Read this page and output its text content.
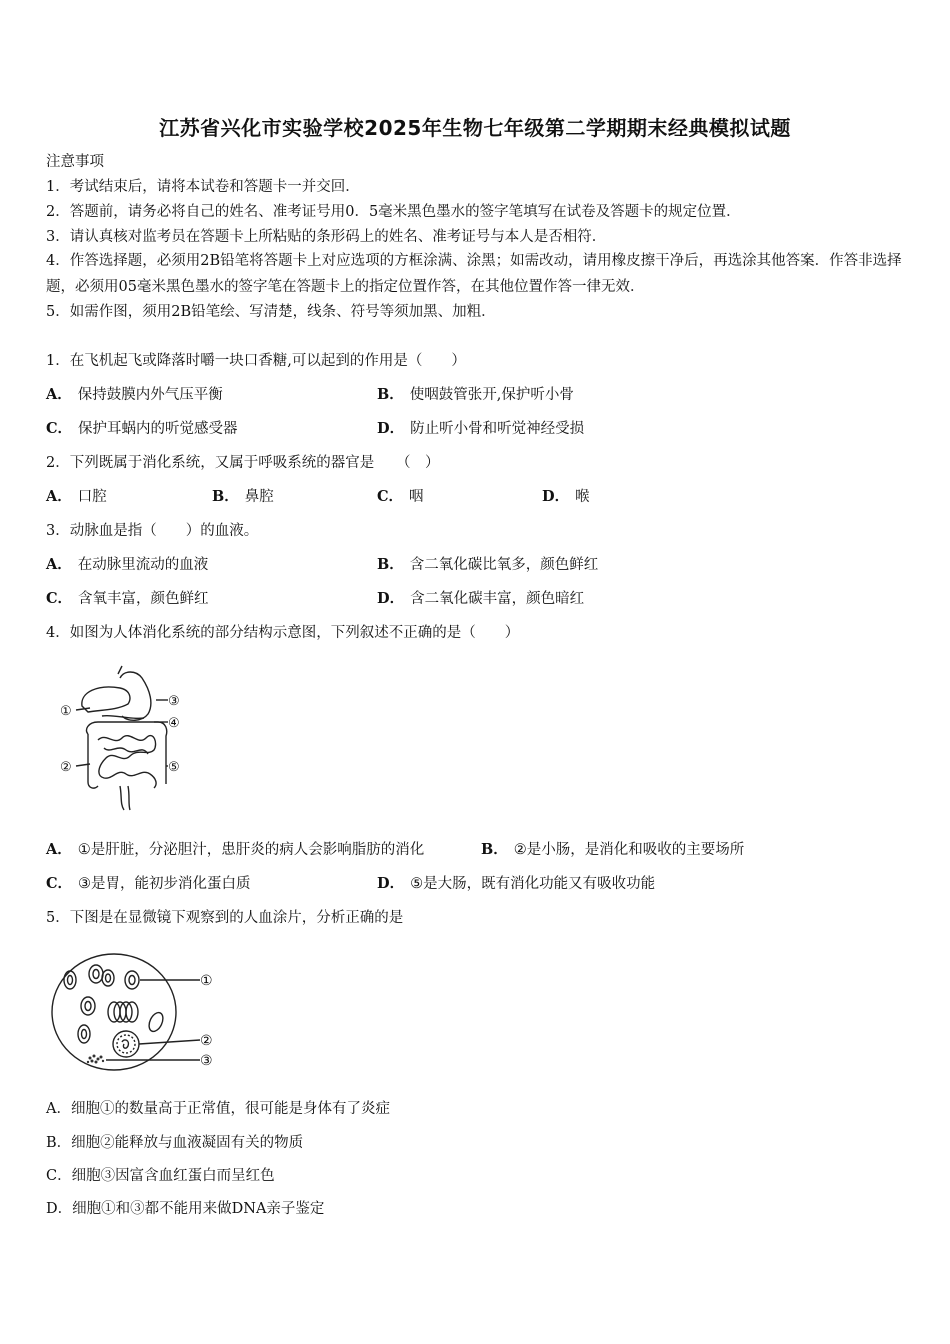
江苏省兴化市实验学校2025年生物七年级第二学期期末经典模拟试题
注意事项
1．考试结束后，请将本试卷和答题卡一并交回．
2．答题前，请务必将自己的姓名、准考证号用0．5毫米黑色墨水的签字笔填写在试卷及答题卡的规定位置．
3．请认真核对监考员在答题卡上所粘贴的条形码上的姓名、准考证号与本人是否相符．
4．作答选择题，必须用2B铅笔将答题卡上对应选项的方框涂满、涂黑；如需改动，请用橡皮擦干净后，再选涂其他答案．作答非选择题，必须用05毫米黑色墨水的签字笔在答题卡上的指定位置作答，在其他位置作答一律无效．
5．如需作图，须用2B铅笔绘、写清楚，线条、符号等须加黑、加粗．
1．在飞机起飞或降落时嚼一块口香糖,可以起到的作用是（　　）
A． 保持鼓膜内外气压平衡	B． 使咽鼓管张开,保护听小骨
C． 保护耳蜗内的听觉感受器	D． 防止听小骨和听觉神经受损
2．下列既属于消化系统，又属于呼吸系统的器官是　　（　）
A． 口腔	B． 鼻腔	C． 咽	D． 喉
3．动脉血是指（　　）的血液。
A． 在动脉里流动的血液	B． 含二氧化碳比氧多，颜色鲜红
C． 含氧丰富，颜色鲜红	D． 含二氧化碳丰富，颜色暗红
4．如图为人体消化系统的部分结构示意图，下列叙述不正确的是（　　）
①
②
③
④
⑤
A． ①是肝脏，分泌胆汁，患肝炎的病人会影响脂肪的消化	B． ②是小肠，是消化和吸收的主要场所
C． ③是胃，能初步消化蛋白质	D． ⑤是大肠，既有消化功能又有吸收功能
5．下图是在显微镜下观察到的人血涂片，分析正确的是
①
②
③
A．细胞①的数量高于正常值，很可能是身体有了炎症
B．细胞②能释放与血液凝固有关的物质
C．细胞③因富含血红蛋白而呈红色
D．细胞①和③都不能用来做DNA亲子鉴定
